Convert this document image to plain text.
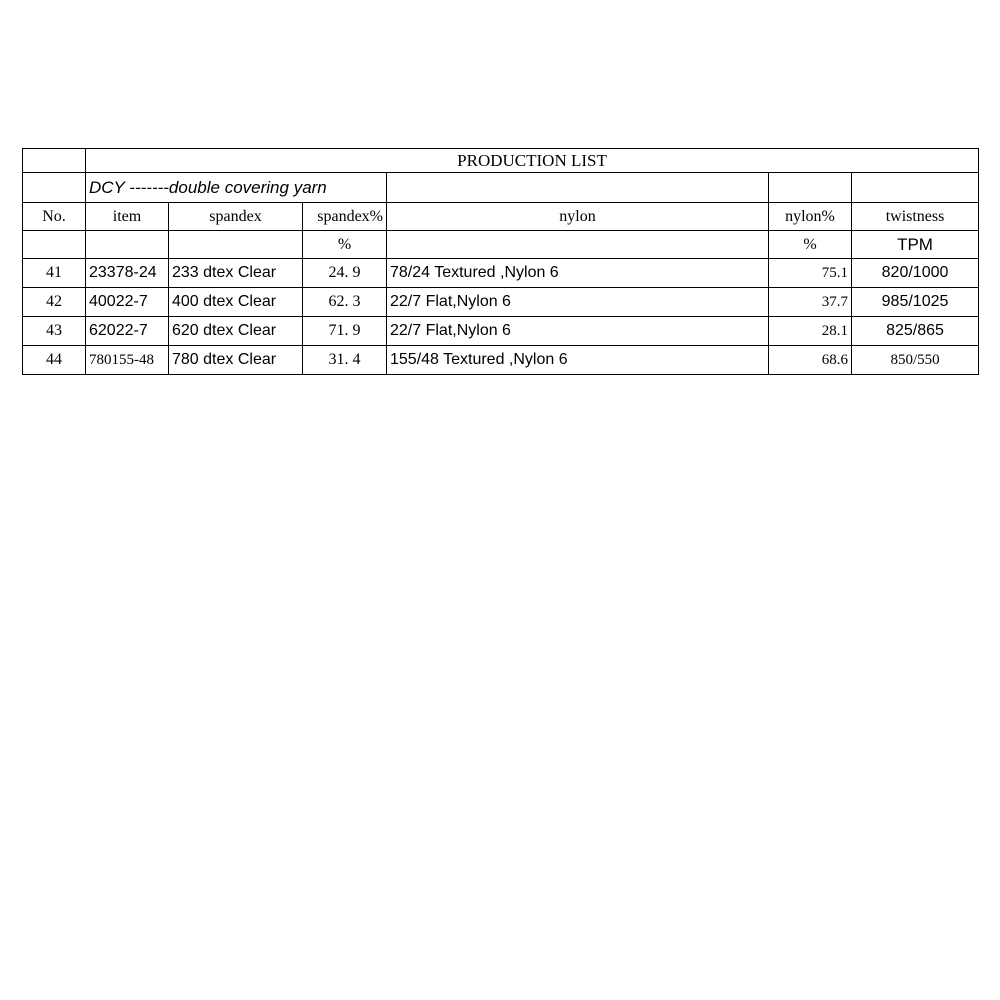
	PRODUCTION LIST					
	DCY -------double covering yarn					
No.	item	spandex	spandex%	nylon	nylon%	twistness
			%		%	TPM
41	23378-24	233 dtex Clear	24. 9	78/24 Textured ,Nylon 6	75.1	820/1000
42	40022-7	400 dtex Clear	62. 3	22/7 Flat,Nylon 6	37.7	985/1025
43	62022-7	620 dtex Clear	71. 9	22/7 Flat,Nylon 6	28.1	825/865
44	780155-48	780 dtex Clear	31. 4	155/48 Textured ,Nylon 6	68.6	850/550
